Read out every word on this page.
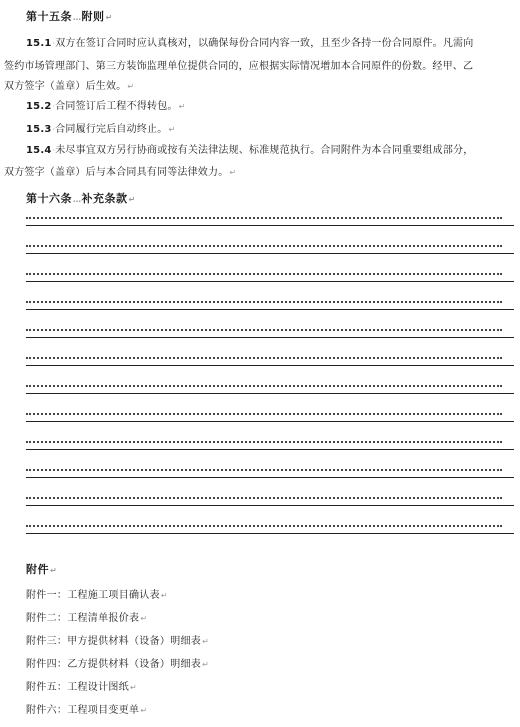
第十五条…附则↵
15.1·双方在签订合同时应认真核对，以确保每份合同内容一致，且至少各持一份合同原件。凡需向
签约市场管理部门、第三方装饰监理单位提供合同的，应根据实际情况增加本合同原件的份数。经甲、乙
双方签字（盖章）后生效。↵
15.2·合同签订后工程不得转包。↵
15.3·合同履行完后自动终止。↵
15.4·未尽事宜双方另行协商或按有关法律法规、标准规范执行。合同附件为本合同重要组成部分，
双方签字（盖章）后与本合同具有同等法律效力。↵
第十六条…补充条款↵
附件↵
附件一：工程施工项目确认表↵
附件二：工程清单报价表↵
附件三：甲方提供材料（设备）明细表↵
附件四：乙方提供材料（设备）明细表↵
附件五：工程设计图纸↵
附件六：工程项目变更单↵
